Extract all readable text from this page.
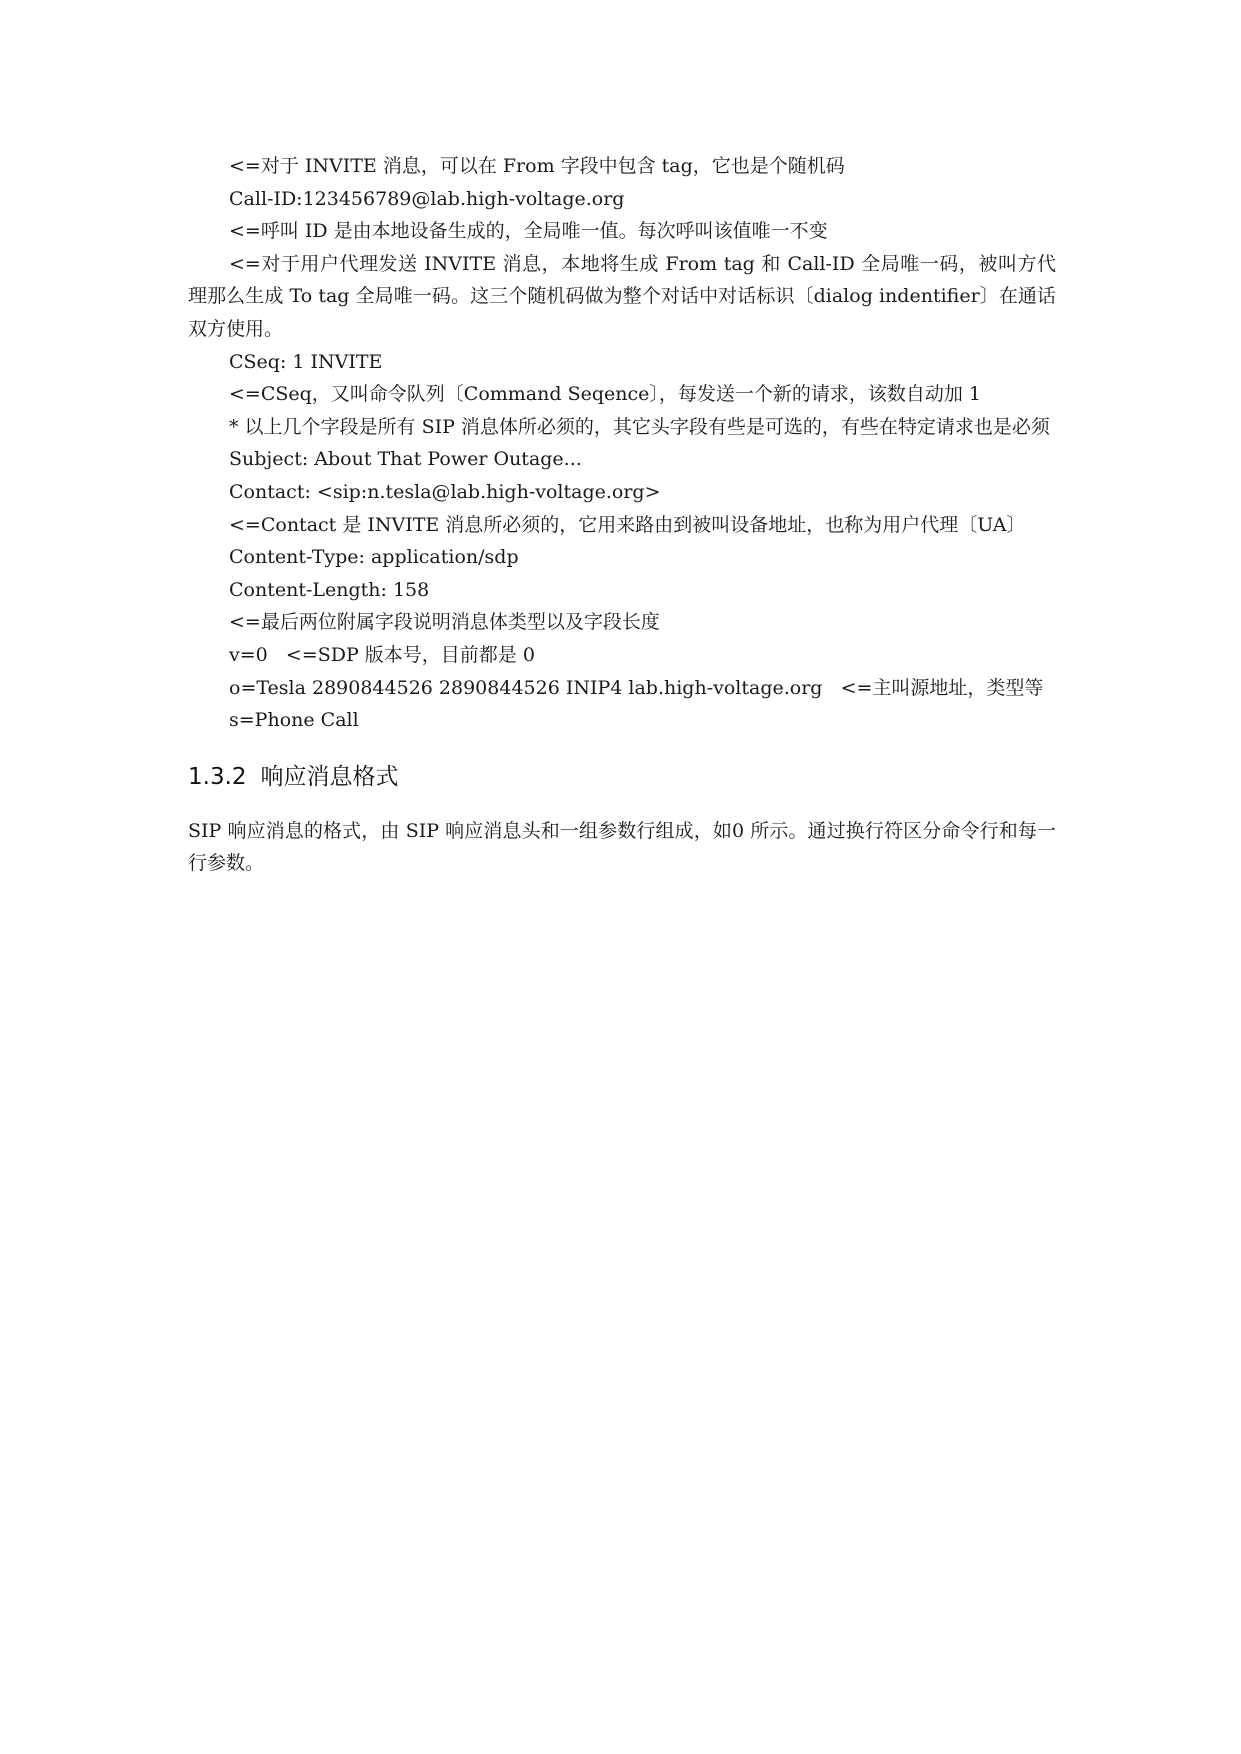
<=对于 INVITE 消息，可以在 From 字段中包含 tag，它也是个随机码

Call-ID:123456789@lab.high-voltage.org

<=呼叫 ID 是由本地设备生成的，全局唯一值。每次呼叫该值唯一不变

<=对于用户代理发送 INVITE 消息，本地将生成 From tag 和 Call-ID 全局唯一码，被叫方代理那么生成 To tag 全局唯一码。这三个随机码做为整个对话中对话标识〔dialog indentifier〕在通话双方使用。

CSeq: 1 INVITE

<=CSeq，又叫命令队列〔Command Seqence〕，每发送一个新的请求，该数自动加 1

* 以上几个字段是所有 SIP 消息体所必须的，其它头字段有些是可选的，有些在特定请求也是必须

Subject: About That Power Outage...

Contact: <sip:n.tesla@lab.high-voltage.org>

<=Contact 是 INVITE 消息所必须的，它用来路由到被叫设备地址，也称为用户代理〔UA〕

Content-Type: application/sdp

Content-Length: 158

<=最后两位附属字段说明消息体类型以及字段长度

v=0   <=SDP 版本号，目前都是 0

o=Tesla 2890844526 2890844526 INIP4 lab.high-voltage.org   <=主叫源地址，类型等

s=Phone Call

1.3.2 响应消息格式

SIP 响应消息的格式，由 SIP 响应消息头和一组参数行组成，如0 所示。通过换行符区分命令行和每一行参数。
